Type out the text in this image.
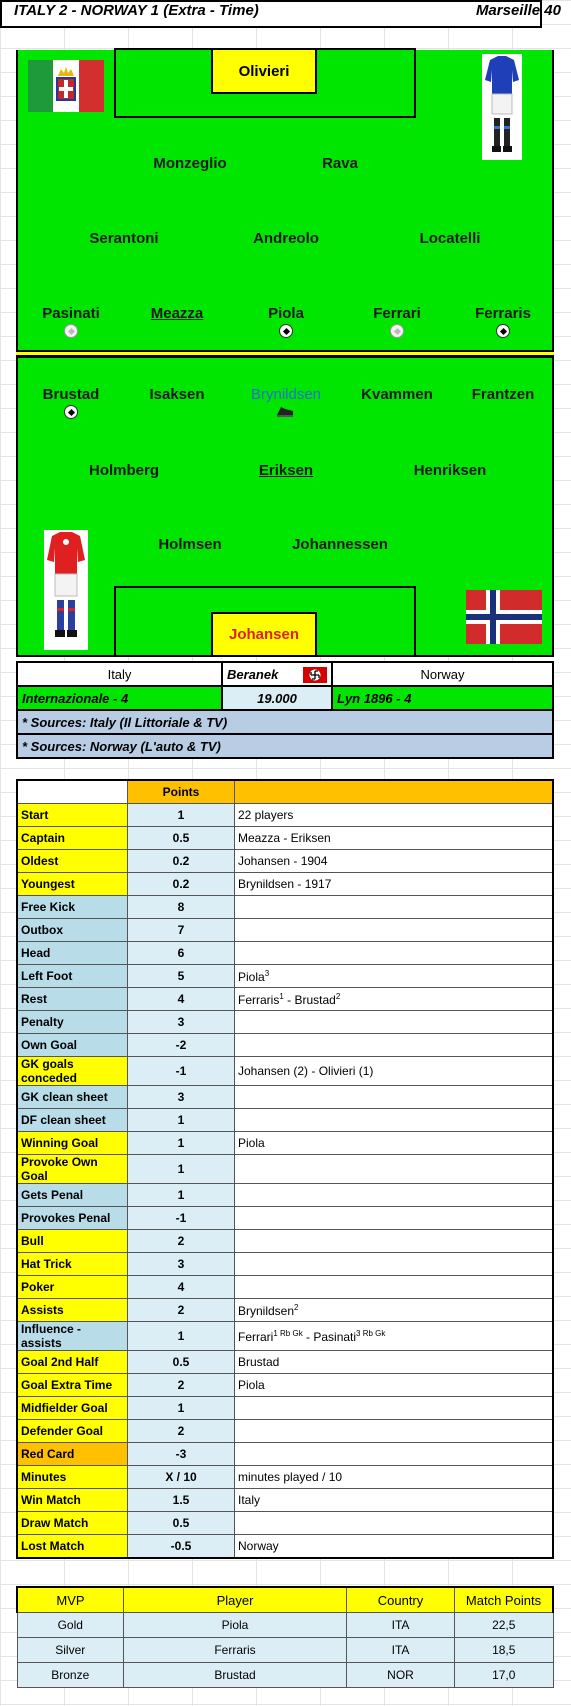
ITALY 2 - NORWAY 1 (Extra - Time)	Marseille 40
Olivieri
Monzeglio	Rava
Serantoni	Andreolo	Locatelli
Pasinati	Meazza	Piola	Ferrari	Ferraris
Brustad	Isaksen	Brynildsen	Kvammen	Frantzen
Holmberg	Eriksen	Henriksen
Holmsen	Johannessen
Johansen
Italy	Beranek	Norway
Internazionale - 4	19.000	Lyn 1896 - 4
* Sources: Italy (Il Littoriale & TV)		
* Sources: Norway (L'auto & TV)		
	Points	
Start	1	22 players
Captain	0.5	Meazza - Eriksen
Oldest	0.2	Johansen - 1904
Youngest	0.2	Brynildsen - 1917
Free Kick	8	
Outbox	7	
Head	6	
Left Foot	5	Piola$^3$
Rest	4	Ferraris$^1$ - Brustad$^2$
Penalty	3	
Own Goal	-2	
GK goals conceded	-1	Johansen (2) - Olivieri (1)
GK clean sheet	3	
DF clean sheet	1	
Winning Goal	1	Piola
Provoke Own Goal	1	
Gets Penal	1	
Provokes Penal	-1	
Bull	2	
Hat Trick	3	
Poker	4	
Assists	2	Brynildsen$^2$
Influence - assists	1	Ferrari$^{1 Rb Gk}$ - Pasinati$^{3 Rb Gk}$
Goal 2nd Half	0.5	Brustad
Goal Extra Time	2	Piola
Midfielder Goal	1	
Defender Goal	2	
Red Card	-3	
Minutes	X / 10	minutes played / 10
Win Match	1.5	Italy
Draw Match	0.5	
Lost Match	-0.5	Norway
MVP	Player	Country	Match Points
Gold	Piola	ITA	22,5
Silver	Ferraris	ITA	18,5
Bronze	Brustad	NOR	17,0
